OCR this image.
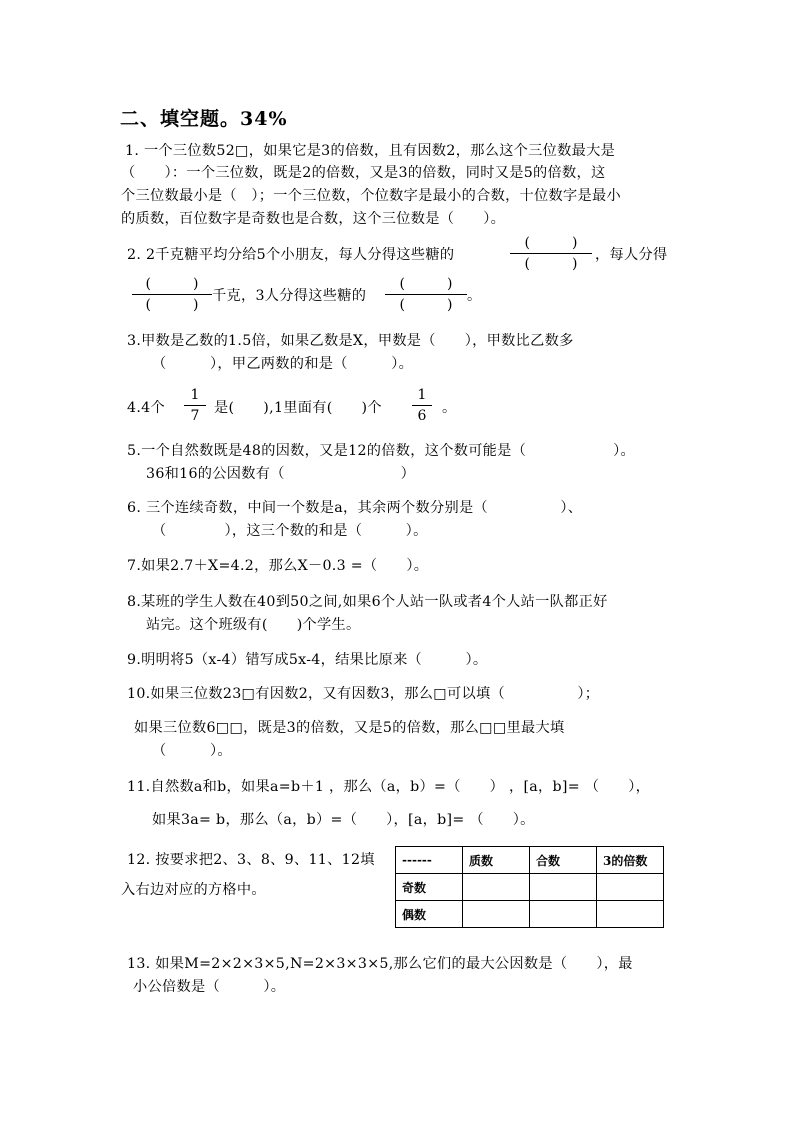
二、填空题。34%
1. 一个三位数52□，如果它是3的倍数，且有因数2，那么这个三位数最大是
（　　）：一个三位数，既是2的倍数，又是3的倍数，同时又是5的倍数，这
个三位数最小是（　）；一个三位数，个位数字是最小的合数，十位数字是最小
的质数，百位数字是奇数也是合数，这个三位数是（　　）。
2. 2千克糖平均分给5个小朋友，每人分得这些糖的
(　　　)
(　　　)
，每人分得
(　　　)
(　　　)
千克，3人分得这些糖的
(　　　)
(　　　)
。
3.甲数是乙数的1.5倍，如果乙数是X，甲数是（　　），甲数比乙数多
（　　　），甲乙两数的和是（　　　）。
4.4个
1
7	是(　　),1里面有(　　)个
1
6	。
5.一个自然数既是48的因数，又是12的倍数，这个数可能是（　　　　　　）。
36和16的公因数有（　　　　　　　　）
6. 三个连续奇数，中间一个数是a，其余两个数分别是（　　　　　）、
（　　　　），这三个数的和是（　　　）。
7.如果2.7＋X=4.2，那么X－0.3 =（　　）。
8.某班的学生人数在40到50之间,如果6个人站一队或者4个人站一队都正好
站完。这个班级有(　　)个学生。
9.明明将5（x-4）错写成5x-4，结果比原来（　　　）。
10.如果三位数23□有因数2，又有因数3，那么□可以填（　　　　　）；
如果三位数6□□，既是3的倍数，又是5的倍数，那么□□里最大填
（　　　）。
11.自然数a和b，如果a=b＋1 ，那么（a，b）=（　　） ，[a，b]= （　　），
如果3a= b，那么（a，b）=（　　），[a，b]= （　　）。
12. 按要求把2、3、8、9、11、12填
入右边对应的方格中。
------	质数	合数	3的倍数
奇数			
偶数			
13. 如果M=2×2×3×5,N=2×3×3×5,那么它们的最大公因数是（　　），最
小公倍数是（　　　）。
